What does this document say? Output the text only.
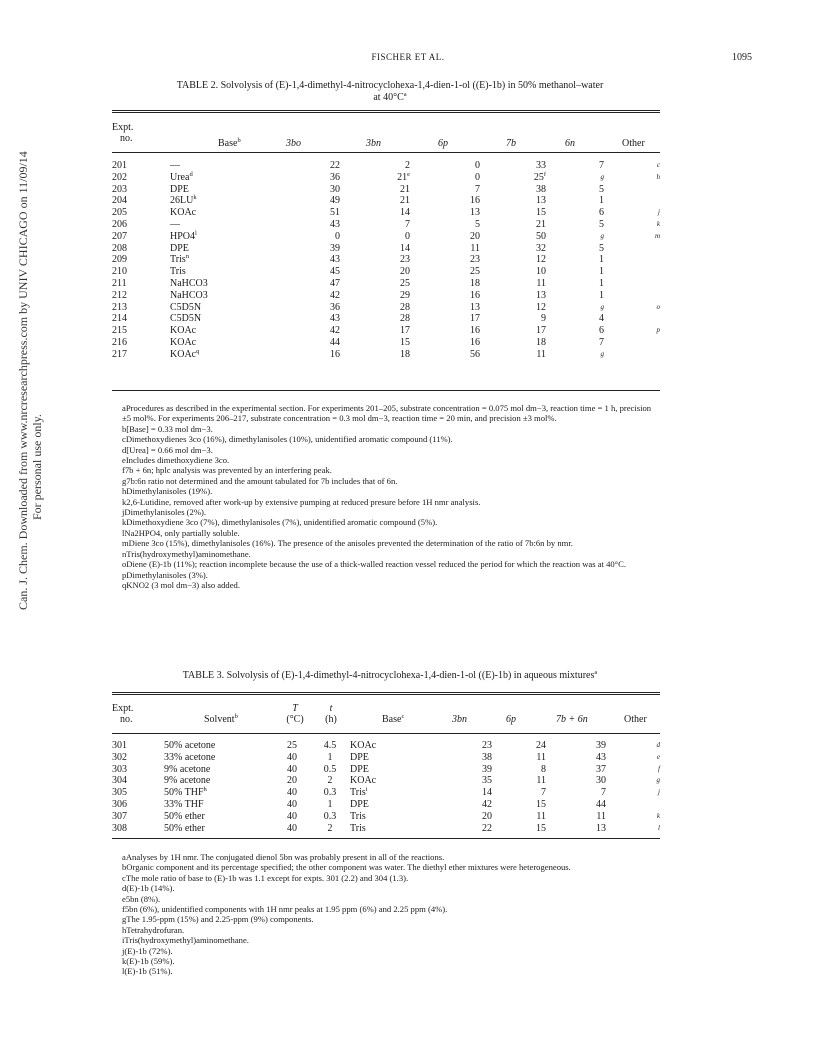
FISCHER ET AL.	1095
Can. J. Chem. Downloaded from www.nrcresearchpress.com by UNIV CHICAGO on 11/09/14 For personal use only.
TABLE 2. Solvolysis of (E)-1,4-dimethyl-4-nitrocyclohexa-1,4-dien-1-ol ((E)-1b) in 50% methanol–water
at $40^\circ C^a$
Expt.
no.	Base$^b$	3bo	3bn	6p	7b	6n	Other
201	—	22	2	0	33	7	c
202	Urea$^d$	36	21e	0	25$^f$	g	h
203	DPE	30	21	7	38	5	
204	$26LU^k$	49	21	16	13	1	
205	KOAc	51	14	13	15	6	j
206	—	43	7	5	21	5	k
207	HPO4$^l$	0	0	20	50	g	m
208	DPE	39	14	11	32	5	
209	Tris$^n$	43	23	23	12	1	
210	Tris	45	20	25	10	1	
211	NaHCO3	47	25	18	11	1	
212	NaHCO3	42	29	16	13	1	
213	C5D5N	36	28	13	12	g	o
214	C5D5N	43	28	17	9	4	
215	KOAc	42	17	16	17	6	p
216	KOAc	44	15	16	18	7	
217	KOAc$^q$	16	18	56	11	g	
aProcedures as described in the experimental section. For experiments 201–205, substrate concentration = 0.075 mol dm−3, reaction time = 1 h, precision ±5 mol%. For experiments 206–217, substrate concentration = 0.3 mol dm−3, reaction time = 20 min, and precision ±3 mol%.
b[Base] = 0.33 mol dm−3.
cDimethoxydienes 3co (16%), dimethylanisoles (10%), unidentified aromatic compound (11%).
d[Urea] = 0.66 mol dm−3.
eIncludes dimethoxydiene 3co.
f7b + 6n; hplc analysis was prevented by an interfering peak.
g7b:6n ratio not determined and the amount tabulated for 7b includes that of 6n.
hDimethylanisoles (19%).
k2,6-Lutidine, removed after work-up by extensive pumping at reduced presure before 1H nmr analysis.
jDimethylanisoles (2%).
kDimethoxydiene 3co (7%), dimethylanisoles (7%), unidentified aromatic compound (5%).
lNa2HPO4, only partially soluble.
mDiene 3co (15%), dimethylanisoles (16%). The presence of the anisoles prevented the determination of the ratio of 7b:6n by nmr.
nTris(hydroxymethyl)aminomethane.
oDiene (E)-1b (11%); reaction incomplete because the use of a thick-walled reaction vessel reduced the period for which the reaction was at 40°C.
pDimethylanisoles (3%).
qKNO2 (3 mol dm−3) also added.
TABLE 3. Solvolysis of (E)-1,4-dimethyl-4-nitrocyclohexa-1,4-dien-1-ol ((E)-1b) in aqueous mixtures$^a$
Expt.
no.	Solvent$^b$
T
(°C)
t
(h)	Base$^c$	3bn	6p	7b + 6n	Other
301	50% acetone	25	4.5	KOAc	23	24	39	d
302	33% acetone	40	1	DPE	38	11	43	e
303	9% acetone	40	0.5	DPE	39	8	37	f
304	9% acetone	20	2	KOAc	35	11	30	g
305	50% THF$^h$	40	0.3	Tris$^i$	14	7	7	j
306	33% THF	40	1	DPE	42	15	44	
307	50% ether	40	0.3	Tris	20	11	11	k
308	50% ether	40	2	Tris	22	15	13	l
aAnalyses by 1H nmr. The conjugated dienol 5bn was probably present in all of the reactions.
bOrganic component and its percentage specified; the other component was water. The diethyl ether mixtures were heterogeneous.
cThe mole ratio of base to (E)-1b was 1.1 except for expts. 301 (2.2) and 304 (1.3).
d(E)-1b (14%).
e5bn (8%).
f5bn (6%), unidentified components with 1H nmr peaks at 1.95 ppm (6%) and 2.25 ppm (4%).
gThe 1.95-ppm (15%) and 2.25-ppm (9%) components.
hTetrahydrofuran.
iTris(hydroxymethyl)aminomethane.
j(E)-1b (72%).
k(E)-1b (59%).
l(E)-1b (51%).
